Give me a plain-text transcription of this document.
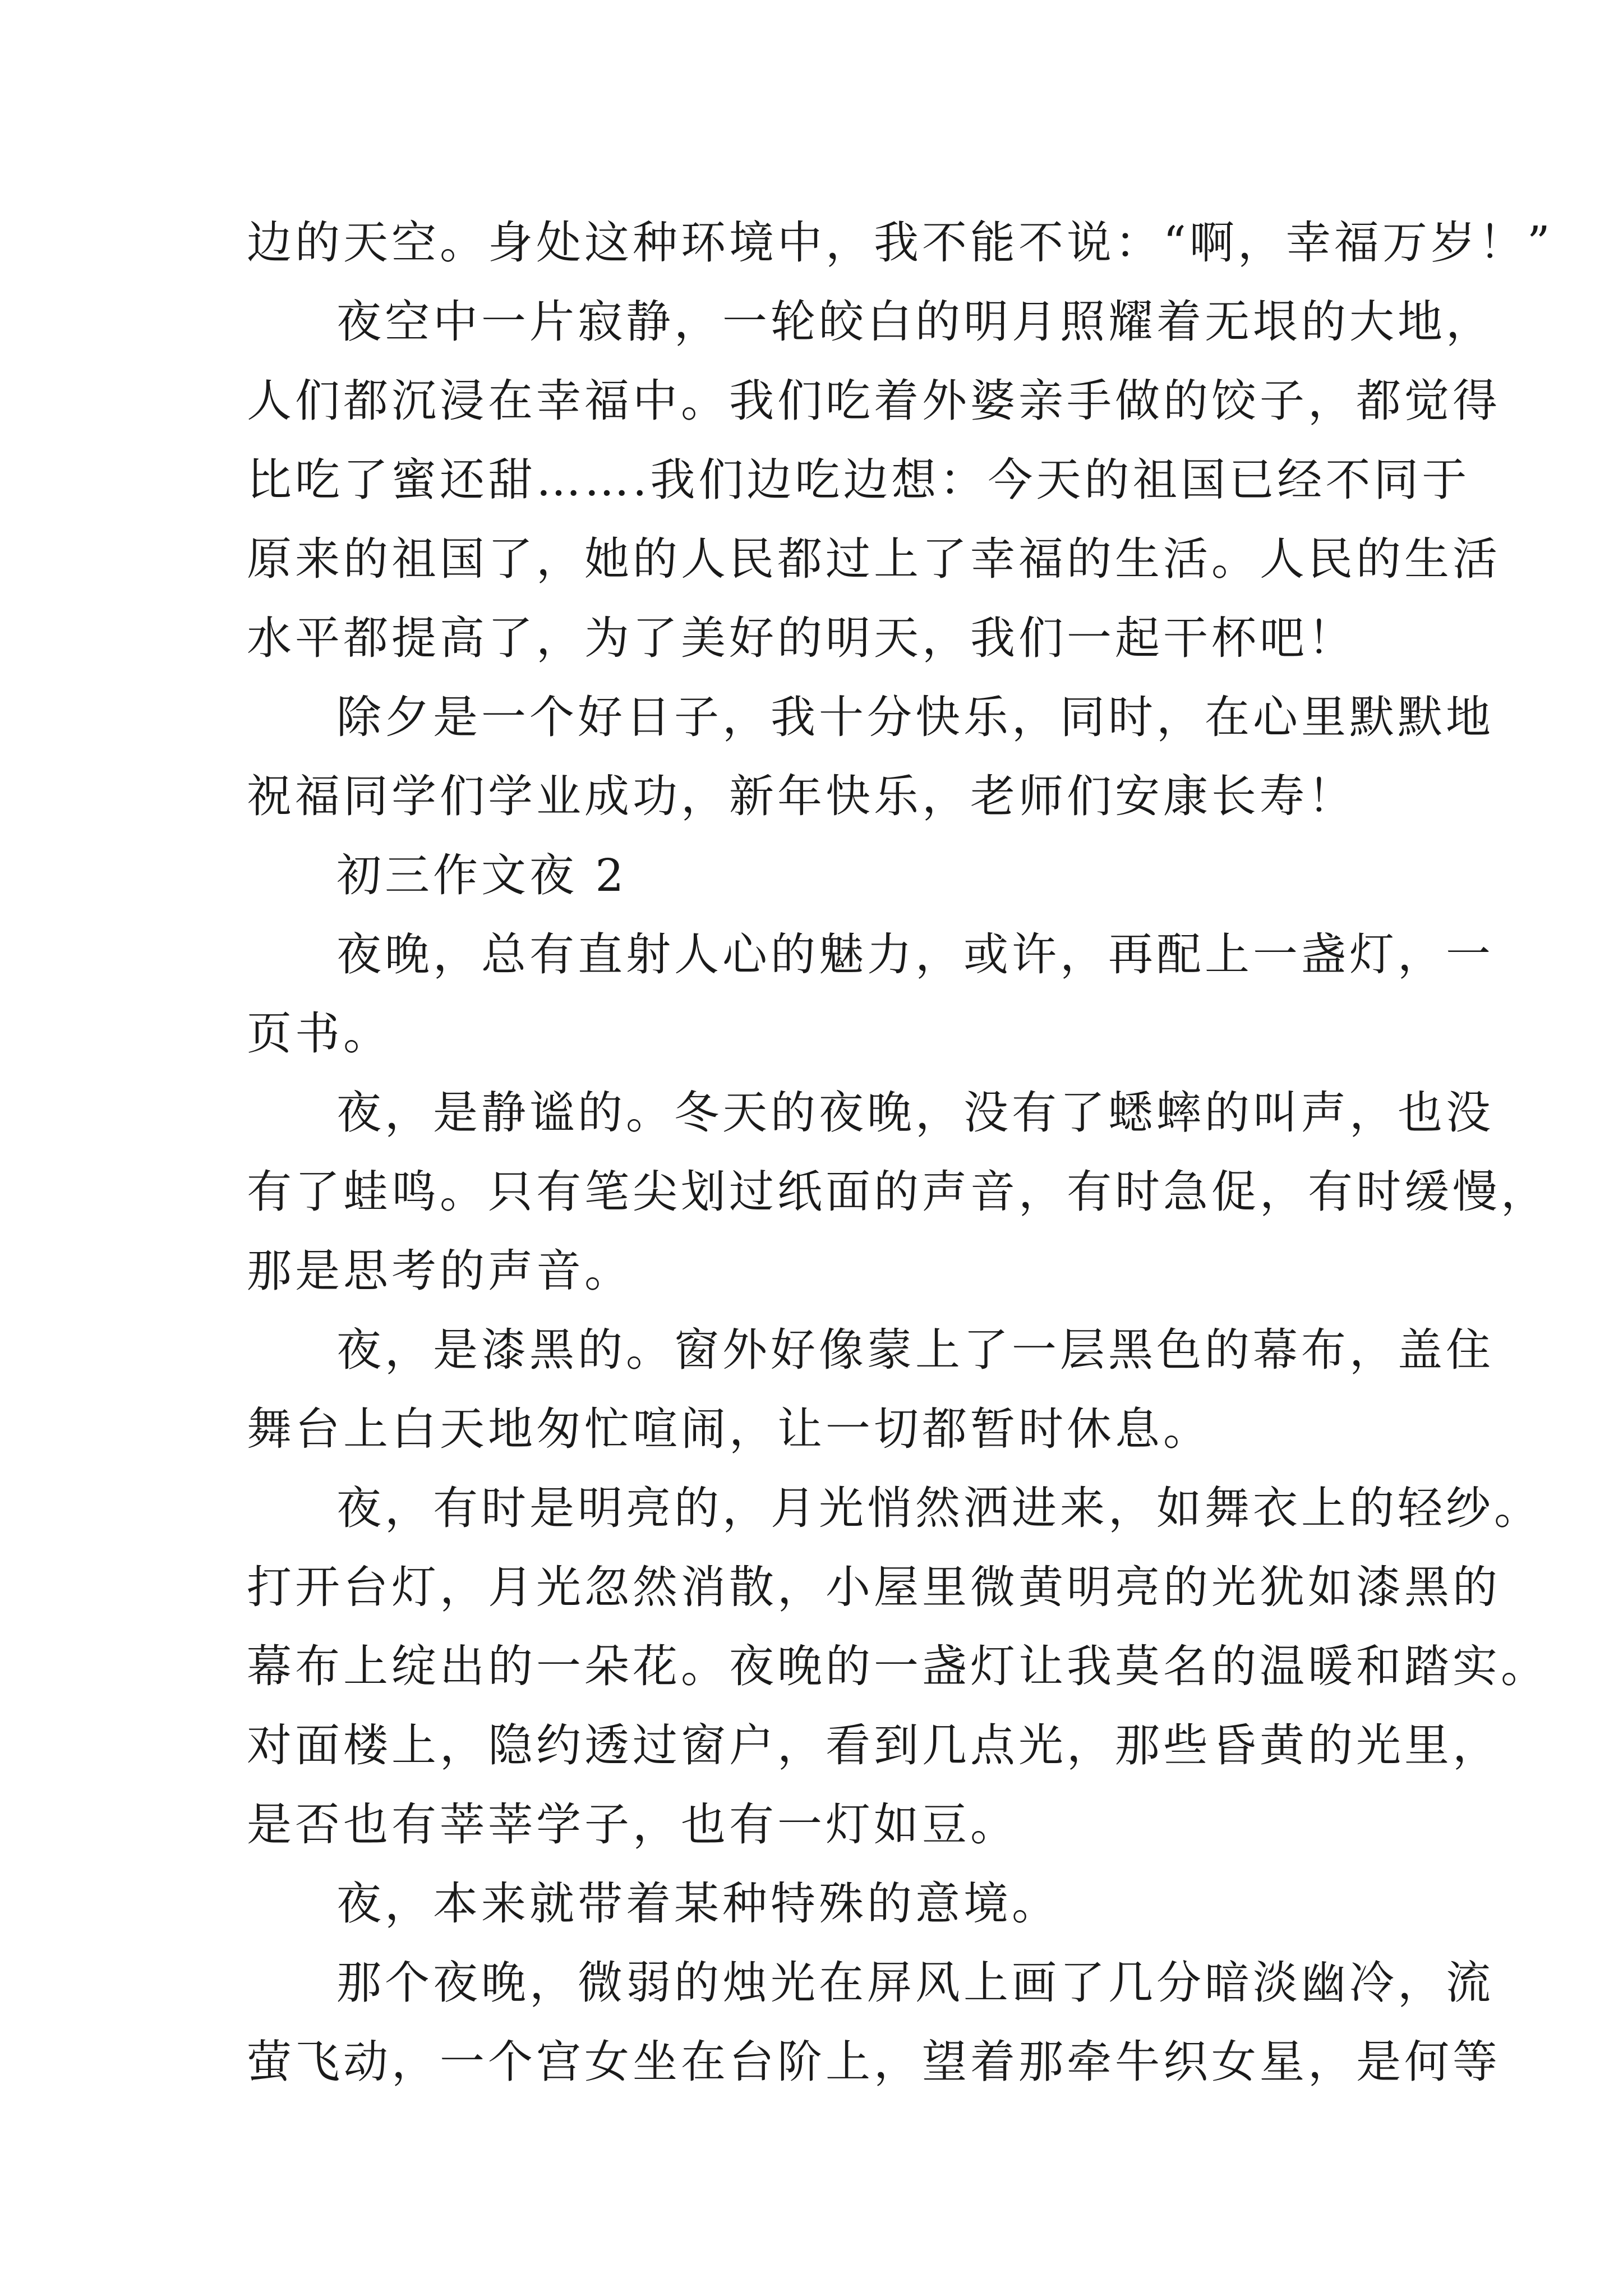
边的天空。身处这种环境中，我不能不说：“啊，幸福万岁！”
夜空中一片寂静，一轮皎白的明月照耀着无垠的大地，
人们都沉浸在幸福中。我们吃着外婆亲手做的饺子，都觉得
比吃了蜜还甜…….我们边吃边想：今天的祖国已经不同于
原来的祖国了，她的人民都过上了幸福的生活。人民的生活
水平都提高了，为了美好的明天，我们一起干杯吧！
除夕是一个好日子，我十分快乐，同时，在心里默默地
祝福同学们学业成功，新年快乐，老师们安康长寿！
初三作文夜 2
夜晚，总有直射人心的魅力，或许，再配上一盏灯，一
页书。
夜，是静谧的。冬天的夜晚，没有了蟋蟀的叫声，也没
有了蛙鸣。只有笔尖划过纸面的声音，有时急促，有时缓慢，
那是思考的声音。
夜，是漆黑的。窗外好像蒙上了一层黑色的幕布，盖住
舞台上白天地匆忙喧闹，让一切都暂时休息。
夜，有时是明亮的，月光悄然洒进来，如舞衣上的轻纱。
打开台灯，月光忽然消散，小屋里微黄明亮的光犹如漆黑的
幕布上绽出的一朵花。夜晚的一盏灯让我莫名的温暖和踏实。
对面楼上，隐约透过窗户，看到几点光，那些昏黄的光里，
是否也有莘莘学子，也有一灯如豆。
夜，本来就带着某种特殊的意境。
那个夜晚，微弱的烛光在屏风上画了几分暗淡幽冷，流
萤飞动，一个宫女坐在台阶上，望着那牵牛织女星，是何等
